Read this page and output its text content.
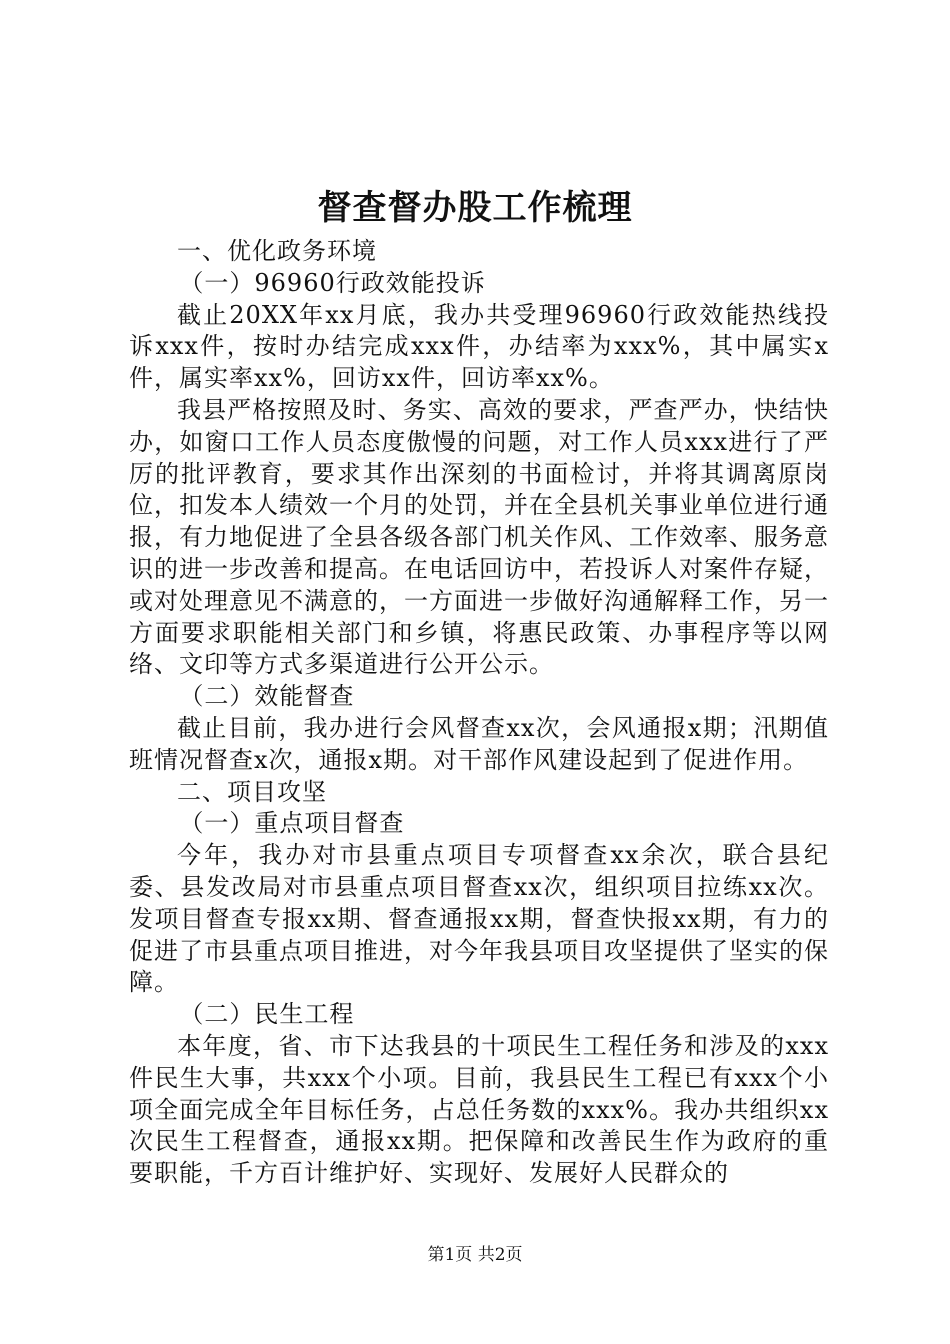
督查督办股工作梳理

一、优化政务环境

（一）96960行政效能投诉

截止20XX年xx月底，我办共受理96960行政效能热线投诉xxx件，按时办结完成xxx件，办结率为xxx%，其中属实x件，属实率xx%，回访xx件，回访率xx%。

我县严格按照及时、务实、高效的要求，严查严办，快结快办，如窗口工作人员态度傲慢的问题，对工作人员xxx进行了严厉的批评教育，要求其作出深刻的书面检讨，并将其调离原岗位，扣发本人绩效一个月的处罚，并在全县机关事业单位进行通报，有力地促进了全县各级各部门机关作风、工作效率、服务意识的进一步改善和提高。在电话回访中，若投诉人对案件存疑，或对处理意见不满意的，一方面进一步做好沟通解释工作，另一方面要求职能相关部门和乡镇，将惠民政策、办事程序等以网络、文印等方式多渠道进行公开公示。

（二）效能督查

截止目前，我办进行会风督查xx次，会风通报x期；汛期值班情况督查x次，通报x期。对干部作风建设起到了促进作用。

二、项目攻坚

（一）重点项目督查

今年，我办对市县重点项目专项督查xx余次，联合县纪委、县发改局对市县重点项目督查xx次，组织项目拉练xx次。发项目督查专报xx期、督查通报xx期，督查快报xx期，有力的促进了市县重点项目推进，对今年我县项目攻坚提供了坚实的保障。

（二）民生工程

本年度，省、市下达我县的十项民生工程任务和涉及的xxx件民生大事，共xxx个小项。目前，我县民生工程已有xxx个小项全面完成全年目标任务，占总任务数的xxx%。我办共组织xx次民生工程督查，通报xx期。把保障和改善民生作为政府的重要职能，千方百计维护好、实现好、发展好人民群众的

第1页 共2页
